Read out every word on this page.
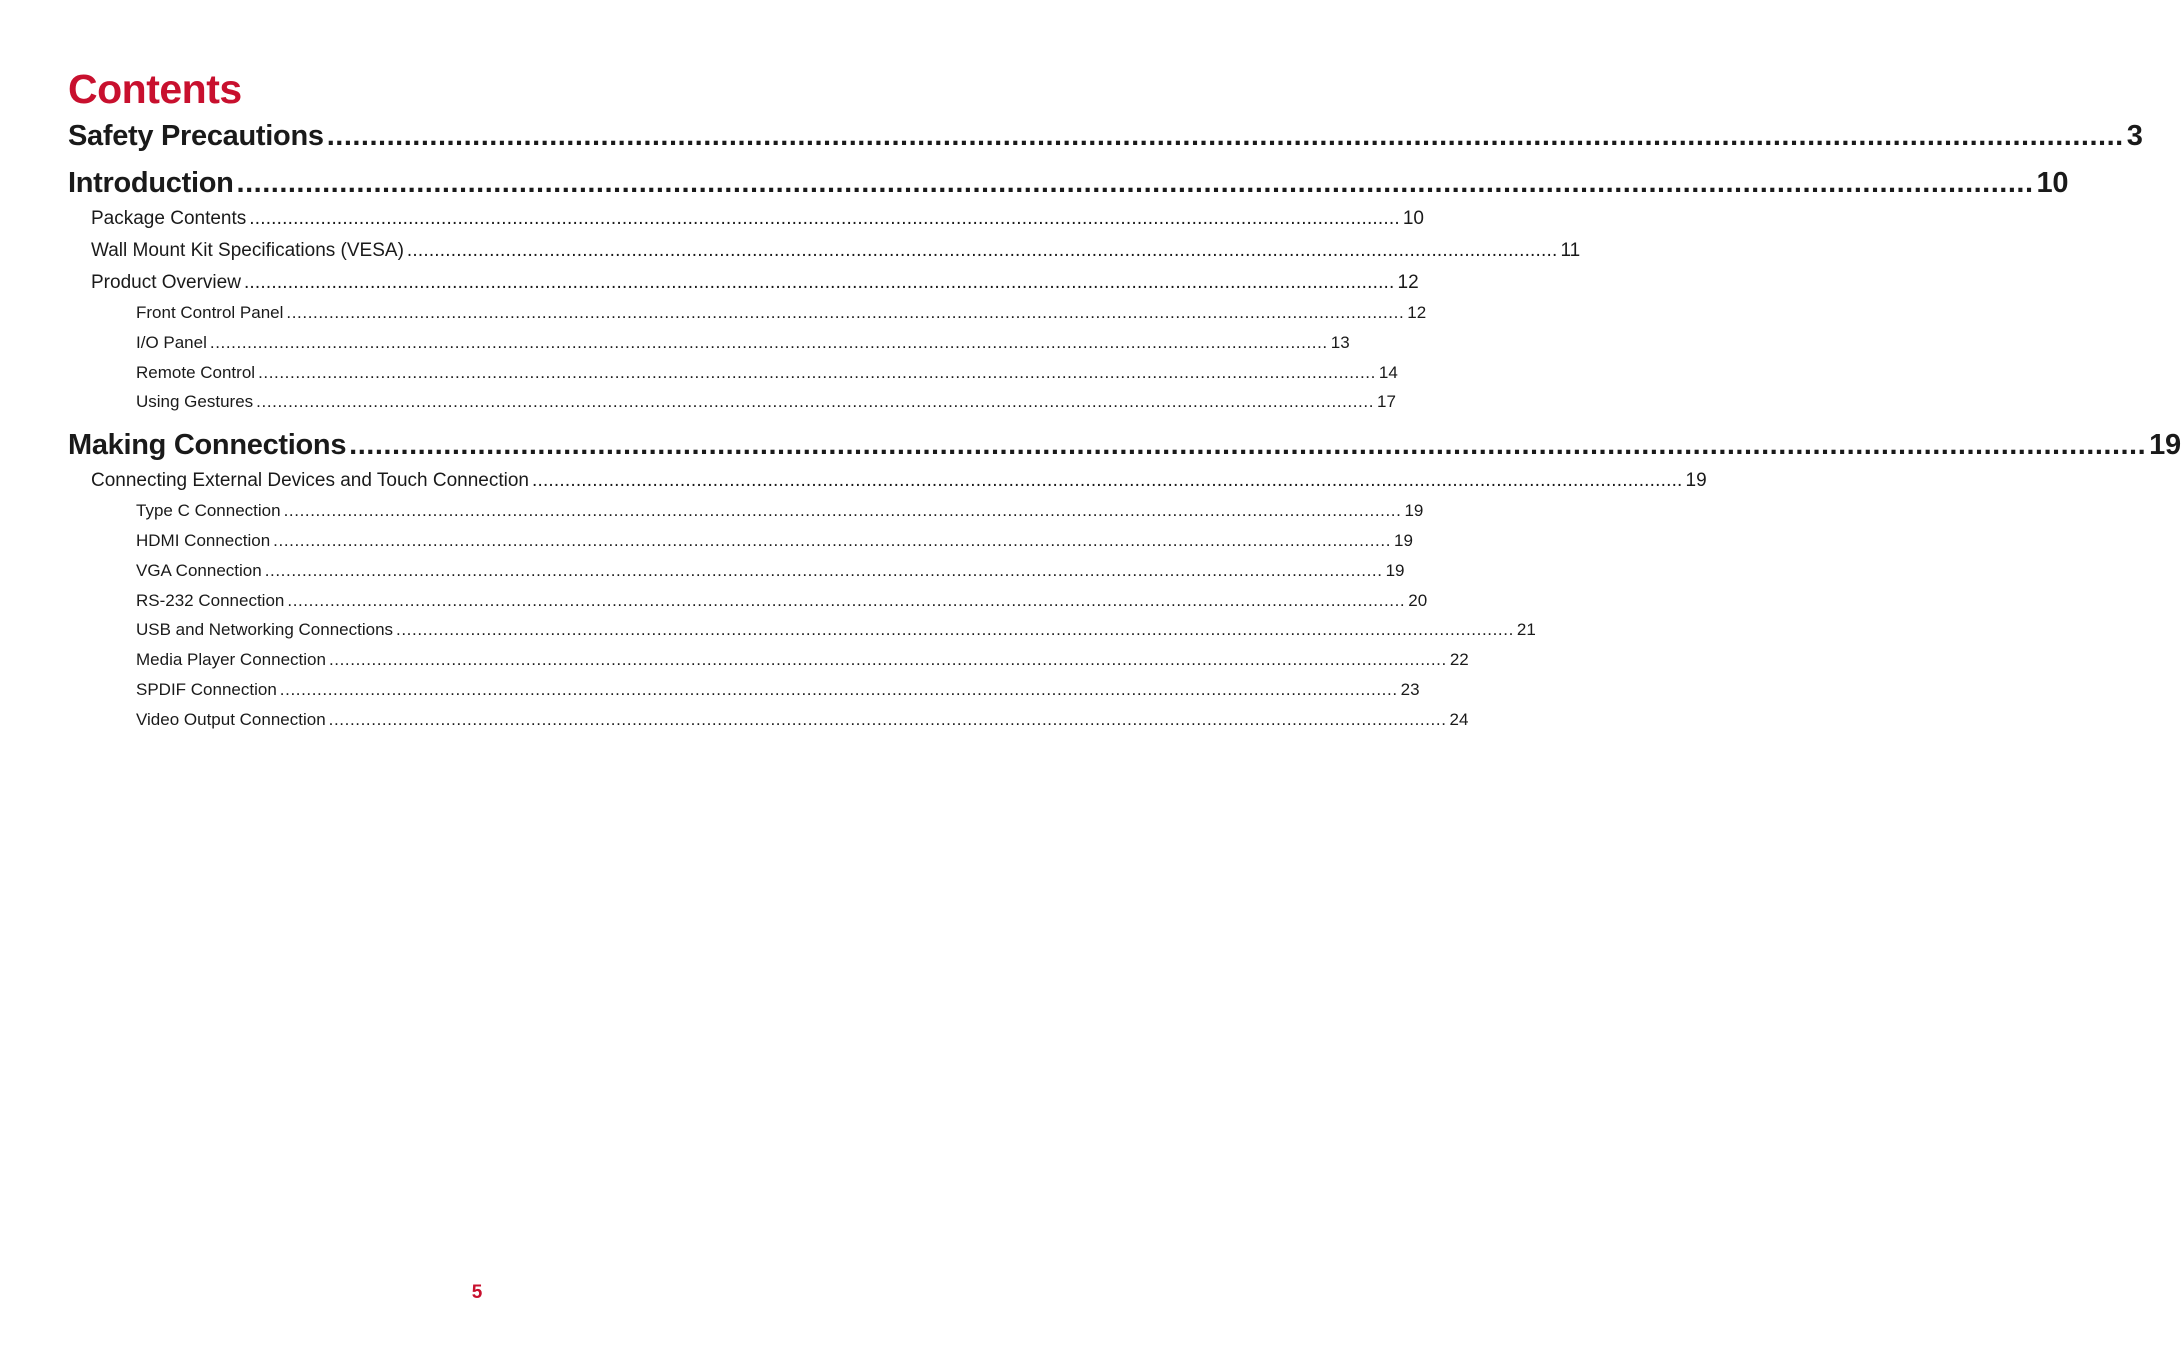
Contents
Safety Precautions .................................................................................................................................................................................................................. 3
Introduction .................................................................................................................................................................................................................. 10
Package Contents .................................................................................................................................................................................................................. 10
Wall Mount Kit Specifications (VESA) .................................................................................................................................................................................................................. 11
Product Overview .................................................................................................................................................................................................................. 12
Front Control Panel .................................................................................................................................................................................................................. 12
I/O Panel .................................................................................................................................................................................................................. 13
Remote Control .................................................................................................................................................................................................................. 14
Using Gestures .................................................................................................................................................................................................................. 17
Making Connections .................................................................................................................................................................................................................. 19
Connecting External Devices and Touch Connection .................................................................................................................................................................................................................. 19
Type C Connection .................................................................................................................................................................................................................. 19
HDMI Connection .................................................................................................................................................................................................................. 19
VGA Connection .................................................................................................................................................................................................................. 19
RS-232 Connection .................................................................................................................................................................................................................. 20
USB and Networking Connections .................................................................................................................................................................................................................. 21
Media Player Connection .................................................................................................................................................................................................................. 22
SPDIF Connection .................................................................................................................................................................................................................. 23
Video Output Connection .................................................................................................................................................................................................................. 24
5
